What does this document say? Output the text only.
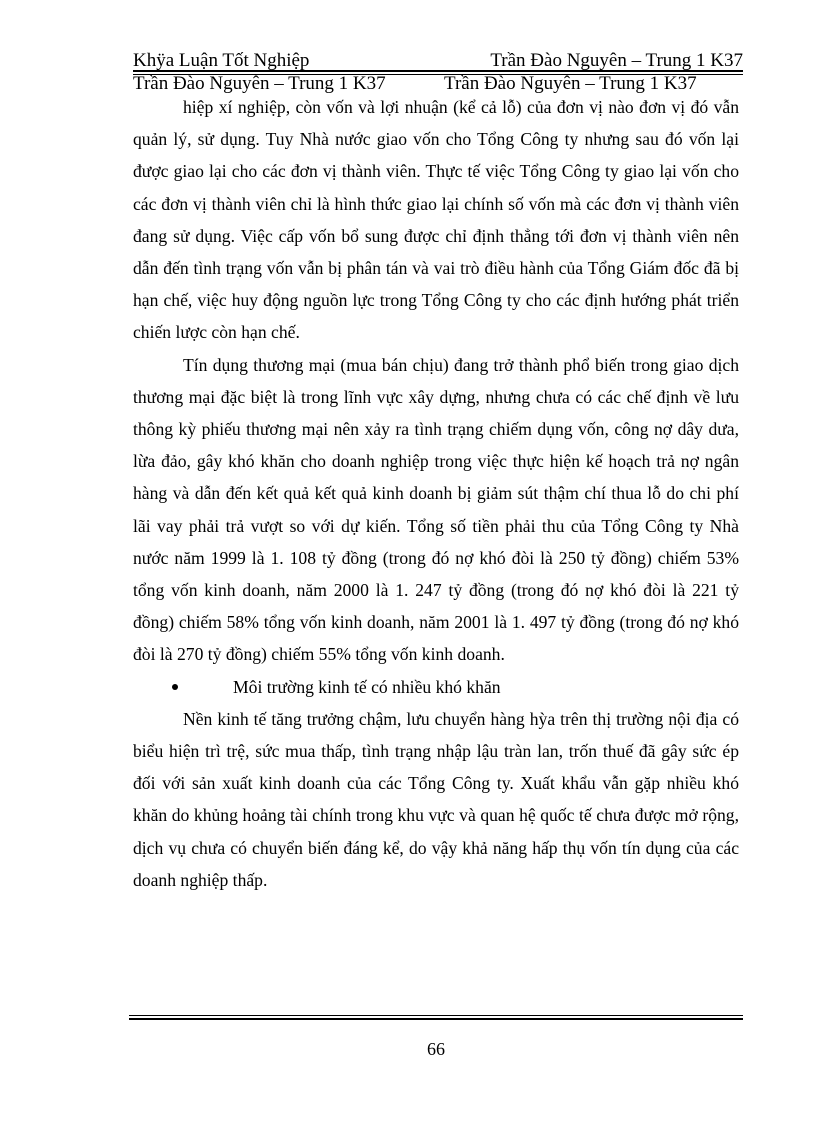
Khÿa Luận Tốt Nghiệp	Trần Đào Nguyên – Trung 1 K37
Trần Đào Nguyên – Trung 1 K37	Trần Đào Nguyên – Trung 1 K37

hiệp xí nghiệp, còn vốn và lợi nhuận (kể cả lỗ) của đơn vị nào đơn vị đó vẫn quản lý, sử dụng. Tuy Nhà nước giao vốn cho Tổng Công ty nhưng sau đó vốn lại được giao lại cho các đơn vị thành viên. Thực tế việc Tổng Công ty giao lại vốn cho các đơn vị thành viên chỉ là hình thức giao lại chính số vốn mà các đơn vị thành viên đang sử dụng. Việc cấp vốn bổ sung được chỉ định thẳng tới đơn vị thành viên nên dẫn đến tình trạng vốn vẫn bị phân tán và vai trò điều hành của Tổng Giám đốc đã bị hạn chế, việc huy động nguồn lực trong Tổng Công ty cho các định hướng phát triển chiến lược còn hạn chế.

Tín dụng thương mại (mua bán chịu) đang trở thành phổ biến trong giao dịch thương mại đặc biệt là trong lĩnh vực xây dựng, nhưng chưa có các chế định về lưu thông kỳ phiếu thương mại nên xảy ra tình trạng chiếm dụng vốn, công nợ dây dưa, lừa đảo, gây khó khăn cho doanh nghiệp trong việc thực hiện kế hoạch trả nợ ngân hàng và dẫn đến kết quả kết quả kinh doanh bị giảm sút thậm chí thua lỗ do chi phí lãi vay phải trả vượt so với dự kiến. Tổng số tiền phải thu của Tổng Công ty Nhà nước năm 1999 là 1. 108 tỷ đồng (trong đó nợ khó đòi là 250 tỷ đồng) chiếm 53% tổng vốn kinh doanh, năm 2000 là 1. 247 tỷ đồng (trong đó nợ khó đòi là 221 tỷ đồng) chiếm 58% tổng vốn kinh doanh, năm 2001 là 1. 497 tỷ đồng (trong đó nợ khó đòi là 270 tỷ đồng) chiếm 55% tổng vốn kinh doanh.

Môi trường kinh tế có nhiều khó khăn

Nền kinh tế tăng trưởng chậm, lưu chuyển hàng hỳa trên thị trường nội địa có biểu hiện trì trệ, sức mua thấp, tình trạng nhập lậu tràn lan, trốn thuế đã gây sức ép đối với sản xuất kinh doanh của các Tổng Công ty. Xuất khẩu vẫn gặp nhiều khó khăn do khủng hoảng tài chính trong khu vực và quan hệ quốc tế chưa được mở rộng, dịch vụ chưa có chuyển biến đáng kể, do vậy khả năng hấp thụ vốn tín dụng của các doanh nghiệp thấp.

66
